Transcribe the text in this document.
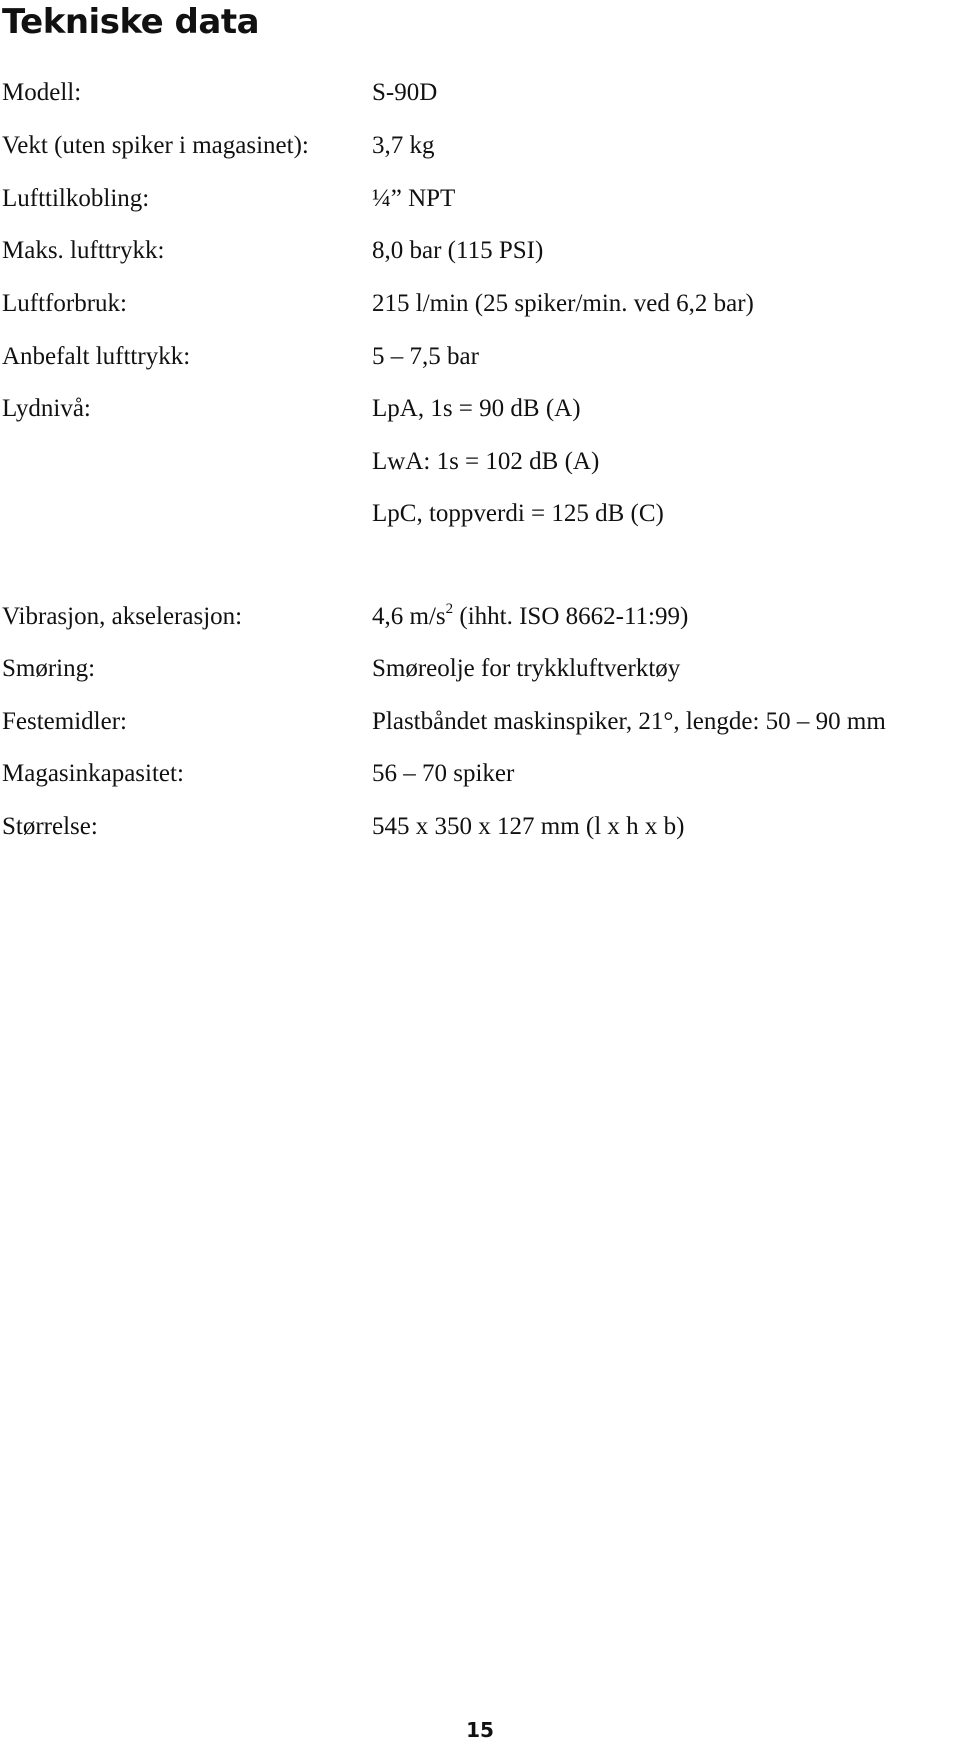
Tekniske data
Modell:	S-90D
Vekt (uten spiker i magasinet):	3,7 kg
Lufttilkobling:	¼” NPT
Maks. lufttrykk:	8,0 bar (115 PSI)
Luftforbruk:	215 l/min (25 spiker/min. ved 6,2 bar)
Anbefalt lufttrykk:	5 – 7,5 bar
Lydnivå:	LpA, 1s = 90 dB (A)
LwA: 1s = 102 dB (A)
LpC, toppverdi = 125 dB (C)
Vibrasjon, akselerasjon:	4,6 $m/s^2$ (ihht. ISO 8662-11:99)
Smøring:	Smøreolje for trykkluftverktøy
Festemidler:	Plastbåndet maskinspiker, 21°, lengde: 50 – 90 mm
Magasinkapasitet:	56 – 70 spiker
Størrelse:	545 x 350 x 127 mm (l x h x b)
15
